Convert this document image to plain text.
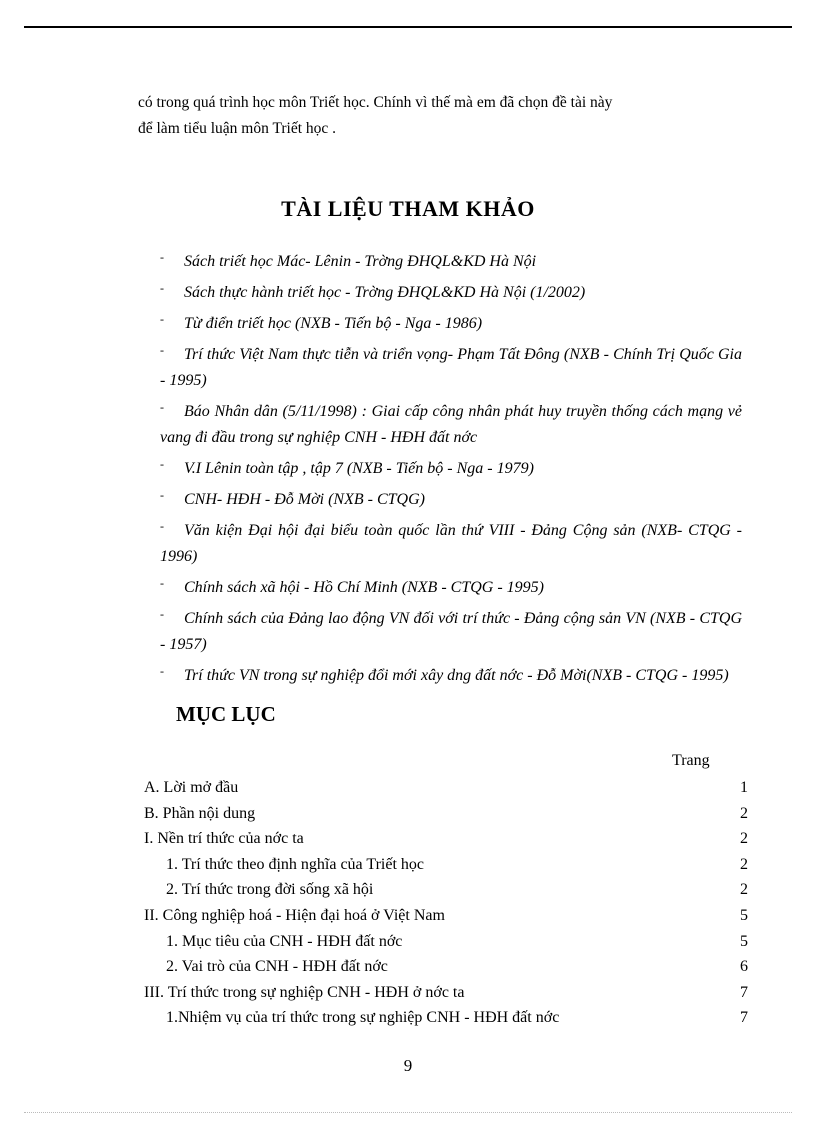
có trong quá trình học môn Triết học. Chính vì thế mà em đã chọn đề tài này

để làm tiểu luận môn Triết học .

TÀI LIỆU THAM KHẢO
- Sách triết học Mác- Lênin - Trờng ĐHQL&KD Hà Nội
- Sách thực hành triết học - Trờng ĐHQL&KD Hà Nội (1/2002)
- Từ điển triết học (NXB - Tiến bộ - Nga - 1986)
- Trí thức Việt Nam thực tiễn và triển vọng- Phạm Tất Đông (NXB - Chính Trị Quốc Gia - 1995)
- Báo Nhân dân (5/11/1998) : Giai cấp công nhân phát huy truyền thống cách mạng vẻ vang đi đầu trong sự nghiệp CNH - HĐH đất nớc
- V.I Lênin toàn tập , tập 7 (NXB - Tiến bộ - Nga - 1979)
- CNH- HĐH - Đỗ Mời (NXB - CTQG)
- Văn kiện Đại hội đại biểu toàn quốc lần thứ VIII - Đảng Cộng sản (NXB- CTQG - 1996)
- Chính sách xã hội - Hồ Chí Minh (NXB - CTQG - 1995)
- Chính sách của Đảng lao động VN đối với trí thức - Đảng cộng sản VN (NXB - CTQG - 1957)
- Trí thức VN trong sự nghiệp đổi mới xây dng đất nớc - Đỗ Mời(NXB - CTQG - 1995)
MỤC LỤC
Trang
A. Lời mở đầu	1
B. Phần nội dung	2
I. Nền trí thức của nớc ta	2
1. Trí thức theo định nghĩa của Triết học	2
2. Trí thức trong đời sống xã hội	2
II. Công nghiệp hoá - Hiện đại hoá ở Việt Nam	5
1. Mục tiêu của CNH - HĐH đất nớc	5
2. Vai trò của CNH - HĐH đất nớc	6
III. Trí thức trong sự nghiệp CNH - HĐH ở nớc ta	7
1.Nhiệm vụ của trí thức trong sự nghiệp CNH - HĐH đất nớc	7
9
